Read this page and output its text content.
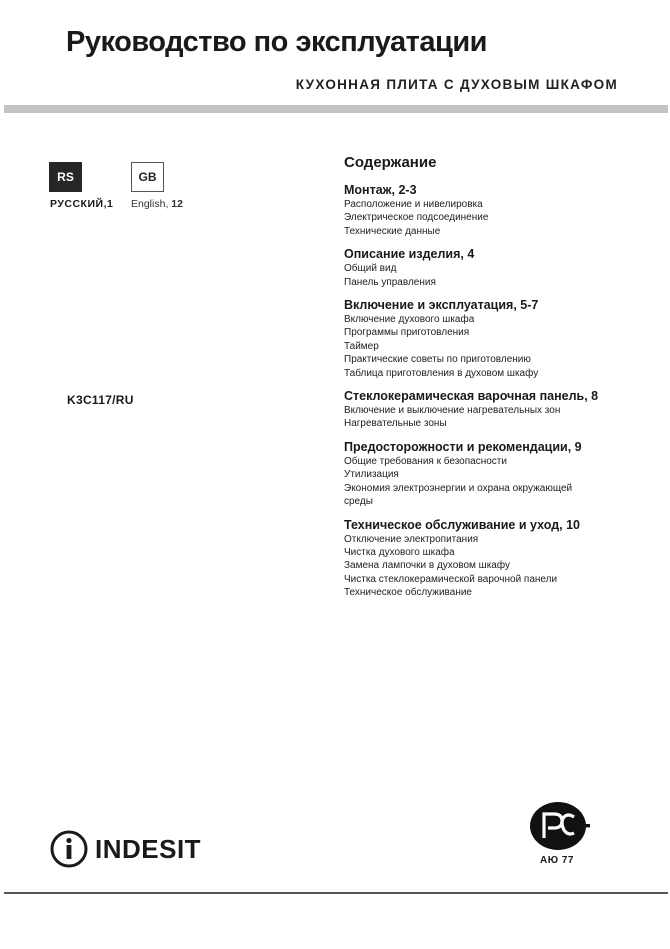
Руководство по эксплуатации
КУХОННАЯ ПЛИТА С ДУХОВЫМ ШКАФОМ
RS	GB
РУССКИЙ,1 English, 12
K3C117/RU
Содержание
Монтаж, 2-3
Расположение и нивелировка
Электрическое подсоединение
Технические данные
Описание изделия, 4
Общий вид
Панель управления
Включение и эксплуатация, 5-7
Включение духового шкафа
Программы приготовления
Таймер
Практические советы по приготовлению
Таблица приготовления в духовом шкафу
Стеклокерамическая варочная панель, 8
Включение и выключение нагревательных зон
Нагревательные зоны
Предосторожности и рекомендации, 9
Общие требования к безопасности
Утилизация
Экономия электроэнергии и охрана окружающей
среды
Техническое обслуживание и уход, 10
Отключение электропитания
Чистка духового шкафа
Замена лампочки в духовом шкафу
Чистка стеклокерамической варочной панели
Техническое обслуживание
INDESIT	АЮ 77
